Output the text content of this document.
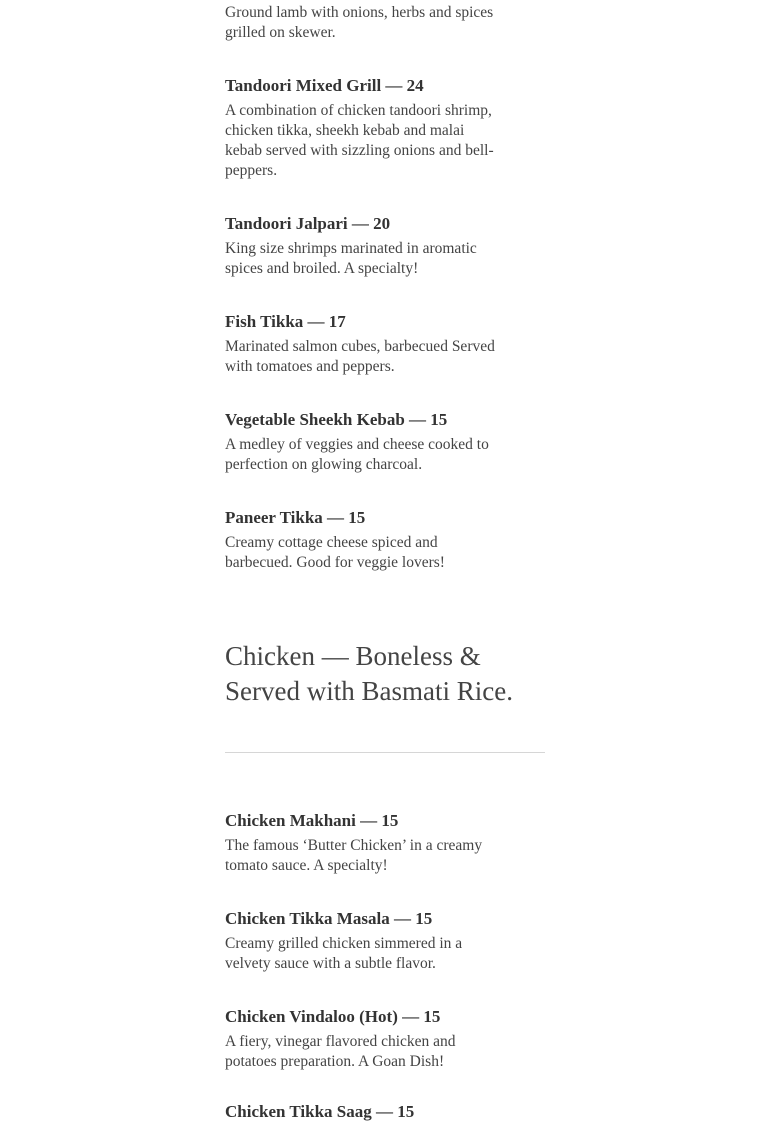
Ground lamb with onions, herbs and spices grilled on skewer.

Tandoori Mixed Grill — 24

A combination of chicken tandoori shrimp, chicken tikka, sheekh kebab and malai kebab served with sizzling onions and bell-peppers.

Tandoori Jalpari — 20

King size shrimps marinated in aromatic spices and broiled. A specialty!

Fish Tikka — 17

Marinated salmon cubes, barbecued Served with tomatoes and peppers.

Vegetable Sheekh Kebab — 15

A medley of veggies and cheese cooked to perfection on glowing charcoal.

Paneer Tikka — 15

Creamy cottage cheese spiced and barbecued. Good for veggie lovers!

Chicken — Boneless & Served with Basmati Rice.
Chicken Makhani — 15

The famous ‘Butter Chicken’ in a creamy tomato sauce. A specialty!

Chicken Tikka Masala — 15

Creamy grilled chicken simmered in a velvety sauce with a subtle flavor.

Chicken Vindaloo (Hot) — 15

A fiery, vinegar flavored chicken and potatoes preparation. A Goan Dish!

Chicken Tikka Saag — 15
